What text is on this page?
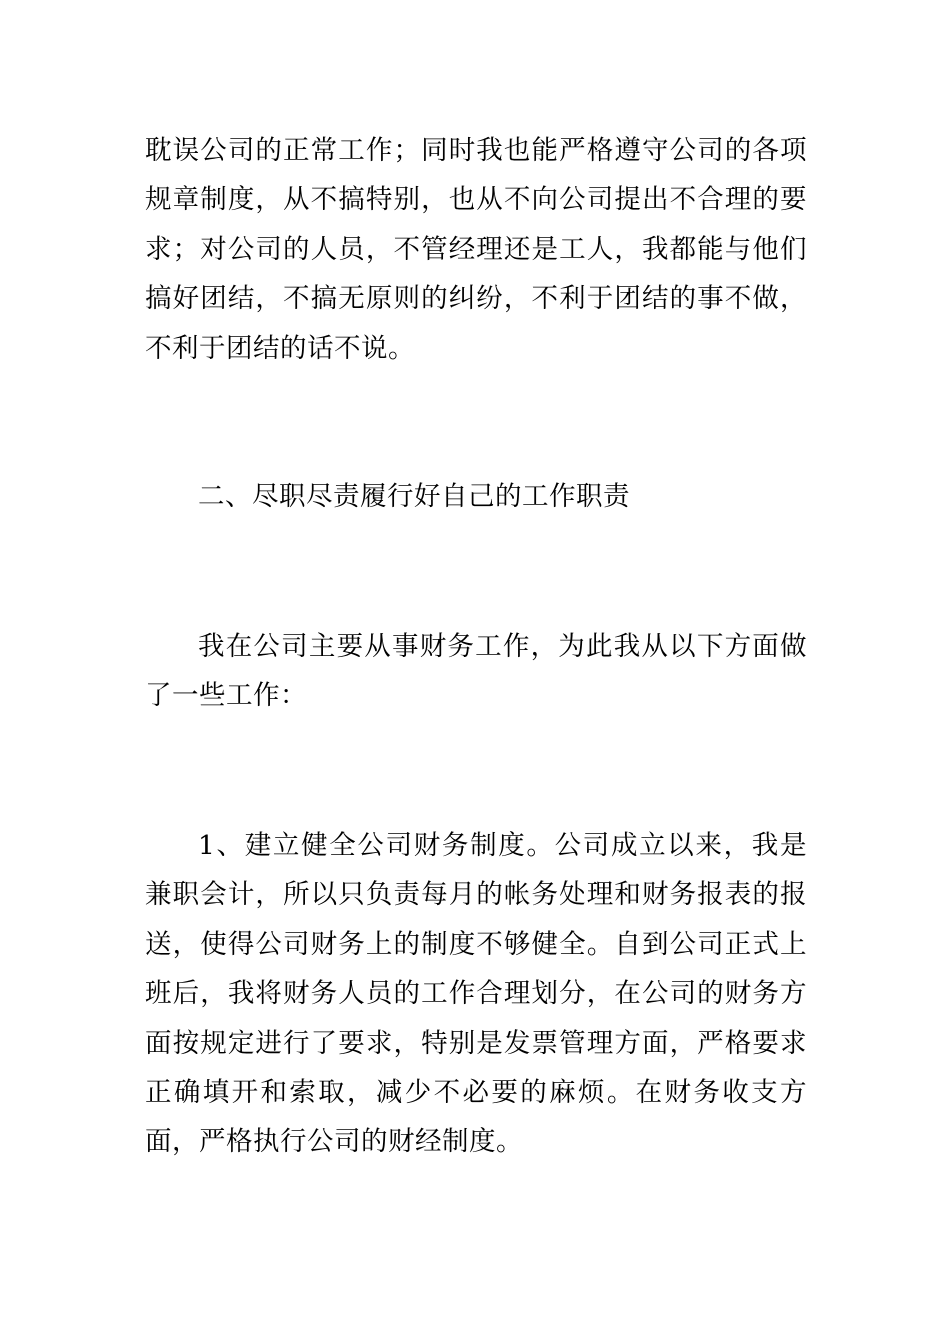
耽误公司的正常工作；同时我也能严格遵守公司的各项规章制度，从不搞特别，也从不向公司提出不合理的要求；对公司的人员，不管经理还是工人，我都能与他们搞好团结，不搞无原则的纠纷，不利于团结的事不做，不利于团结的话不说。

二、尽职尽责履行好自己的工作职责

我在公司主要从事财务工作，为此我从以下方面做了一些工作：

1、建立健全公司财务制度。公司成立以来，我是兼职会计，所以只负责每月的帐务处理和财务报表的报送，使得公司财务上的制度不够健全。自到公司正式上班后，我将财务人员的工作合理划分，在公司的财务方面按规定进行了要求，特别是发票管理方面，严格要求正确填开和索取，减少不必要的麻烦。在财务收支方面，严格执行公司的财经制度。
